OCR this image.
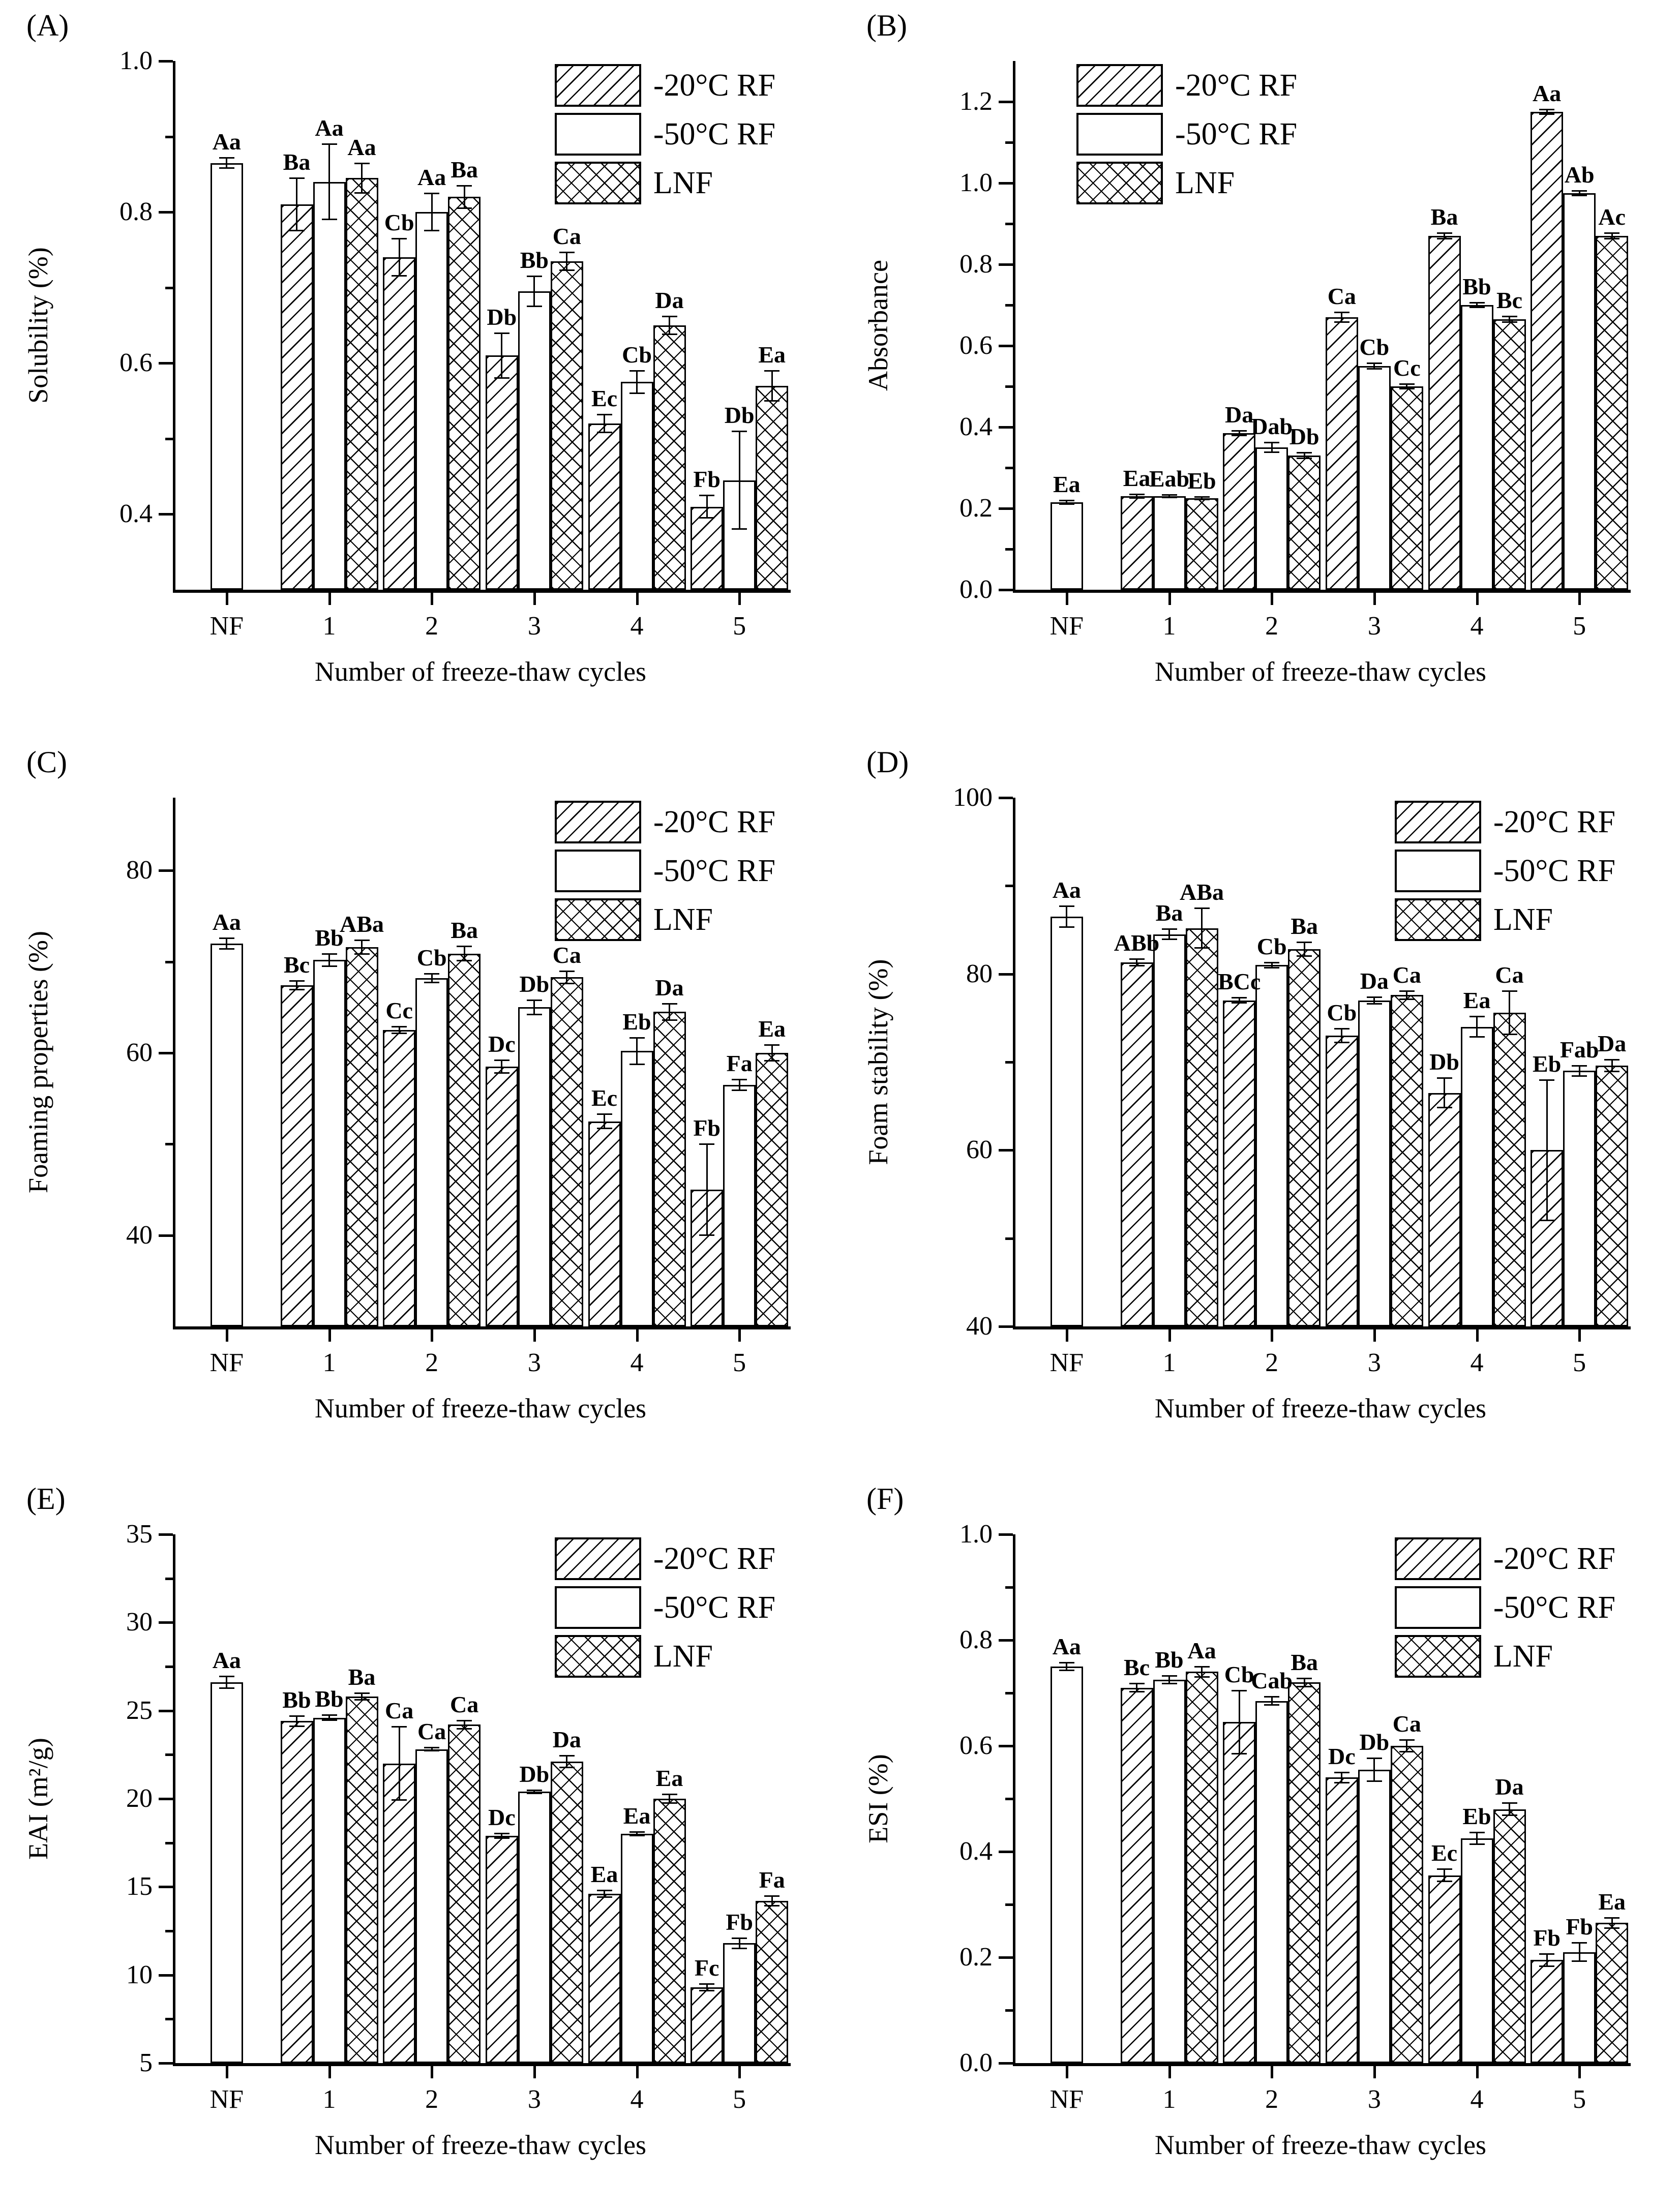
(A)
0.4
0.6
0.8
1.0
NF
Aa
1
Ba
Aa
Aa
2
Cb
Aa Ba
3
Db
Bb
Ca
4
Ec
Cb
Da
5
Fb
Db
Ea
-20°C RF
-50°C RF
LNF
Solubility (%)
Number of freeze-thaw cycles
(B)
0.0
0.2
0.4
0.6
0.8
1.0
1.2
NF
Ea
1
Ea
Eab
Eb
2
Da
Dab
Db
3
Ca
Cb
Cc
4
Ba
Bb
Bc
5
Aa
Ab
Ac
-20°C RF
-50°C RF
LNF
Absorbance
Number of freeze-thaw cycles
(C)
40
60
80
NF
Aa
1
Bc
Bb
ABa
2
Cc
Cb
Ba
3
Dc
Db
Ca
4
Ec
Eb
Da
5
Fb
Fa
Ea
-20°C RF
-50°C RF
LNF
Foaming properties (%)
Number of freeze-thaw cycles
(D)
40
60
80
100
NF
Aa
1
ABb
Ba
ABa
2
BCc
Cb
Ba
3
Cb
Da Ca
4
Db
Ea
Ca
5
Eb
Fab
Da
-20°C RF
-50°C RF
LNF
Foam stability (%)
Number of freeze-thaw cycles
(E)
5
10
15
20
25
30
35
NF
Aa
1
Bb Bb
Ba
2
Ca
Ca
Ca
3
Dc
Db
Da
4
Ea
Ea
Ea
5
Fc
Fb
Fa
-20°C RF
-50°C RF
LNF
EAI (m²/g)
Number of freeze-thaw cycles
(F)
0.0
0.2
0.4
0.6
0.8
1.0
NF
Aa
1
Bc Bb Aa
2
Cb
Cab
Ba
3
Dc
Db
Ca
4
Ec
Eb
Da
5
Fb Fb
Ea
-20°C RF
-50°C RF
LNF
ESI (%)
Number of freeze-thaw cycles
